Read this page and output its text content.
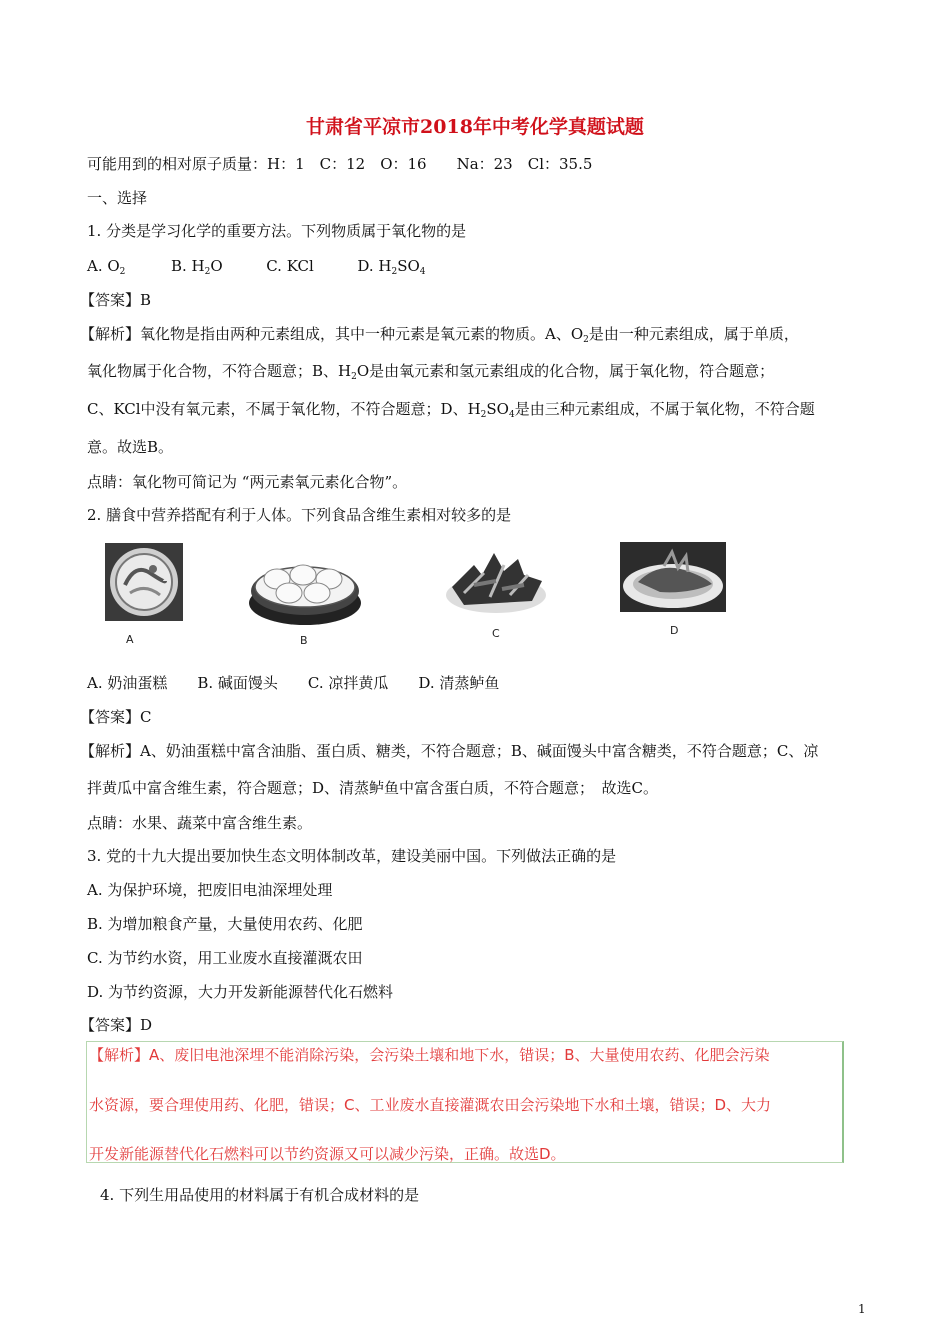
甘肃省平凉市2018年中考化学真题试题
可能用到的相对原子质量：H：1　C：12　O：16　　Na：23　Cl：35.5
一、选择
1. 分类是学习化学的重要方法。下列物质属于氧化物的是
A. $O_2$	B. $H_2O$	C. KCl	D. $H_2SO_4$
【答案】B
【解析】氧化物是指由两种元素组成，其中一种元素是氧元素的物质。A、$O_2$是由一种元素组成，属于单质，
氧化物属于化合物，不符合题意；B、$H_2O$是由氧元素和氢元素组成的化合物，属于氧化物，符合题意；
C、KCl中没有氧元素，不属于氧化物，不符合题意；D、$H_2SO_4$是由三种元素组成，不属于氧化物，不符合题
意。故选B。
点睛：氧化物可简记为 “两元素氧元素化合物”。
2. 膳食中营养搭配有利于人体。下列食品含维生素相对较多的是
A	B
C	D
A. 奶油蛋糕　　B. 碱面馒头　　C. 凉拌黄瓜　　D. 清蒸鲈鱼
【答案】C
【解析】A、奶油蛋糕中富含油脂、蛋白质、糖类，不符合题意；B、碱面馒头中富含糖类，不符合题意；C、凉
拌黄瓜中富含维生素，符合题意；D、清蒸鲈鱼中富含蛋白质，不符合题意；　故选C。
点睛：水果、蔬菜中富含维生素。
3. 党的十九大提出要加快生态文明体制改革，建设美丽中国。下列做法正确的是
A. 为保护环境，把废旧电油深埋处理
B. 为增加粮食产量，大量使用农药、化肥
C. 为节约水资，用工业废水直接灌溉农田
D. 为节约资源，大力开发新能源替代化石燃料
【答案】D
【解析】A、废旧电池深埋不能消除污染，会污染土壤和地下水，错误；B、大量使用农药、化肥会污染
水资源，要合理使用药、化肥，错误；C、工业废水直接灌溉农田会污染地下水和土壤，错误；D、大力
开发新能源替代化石燃料可以节约资源又可以减少污染，正确。故选D。
4. 下列生用品使用的材料属于有机合成材料的是
1
